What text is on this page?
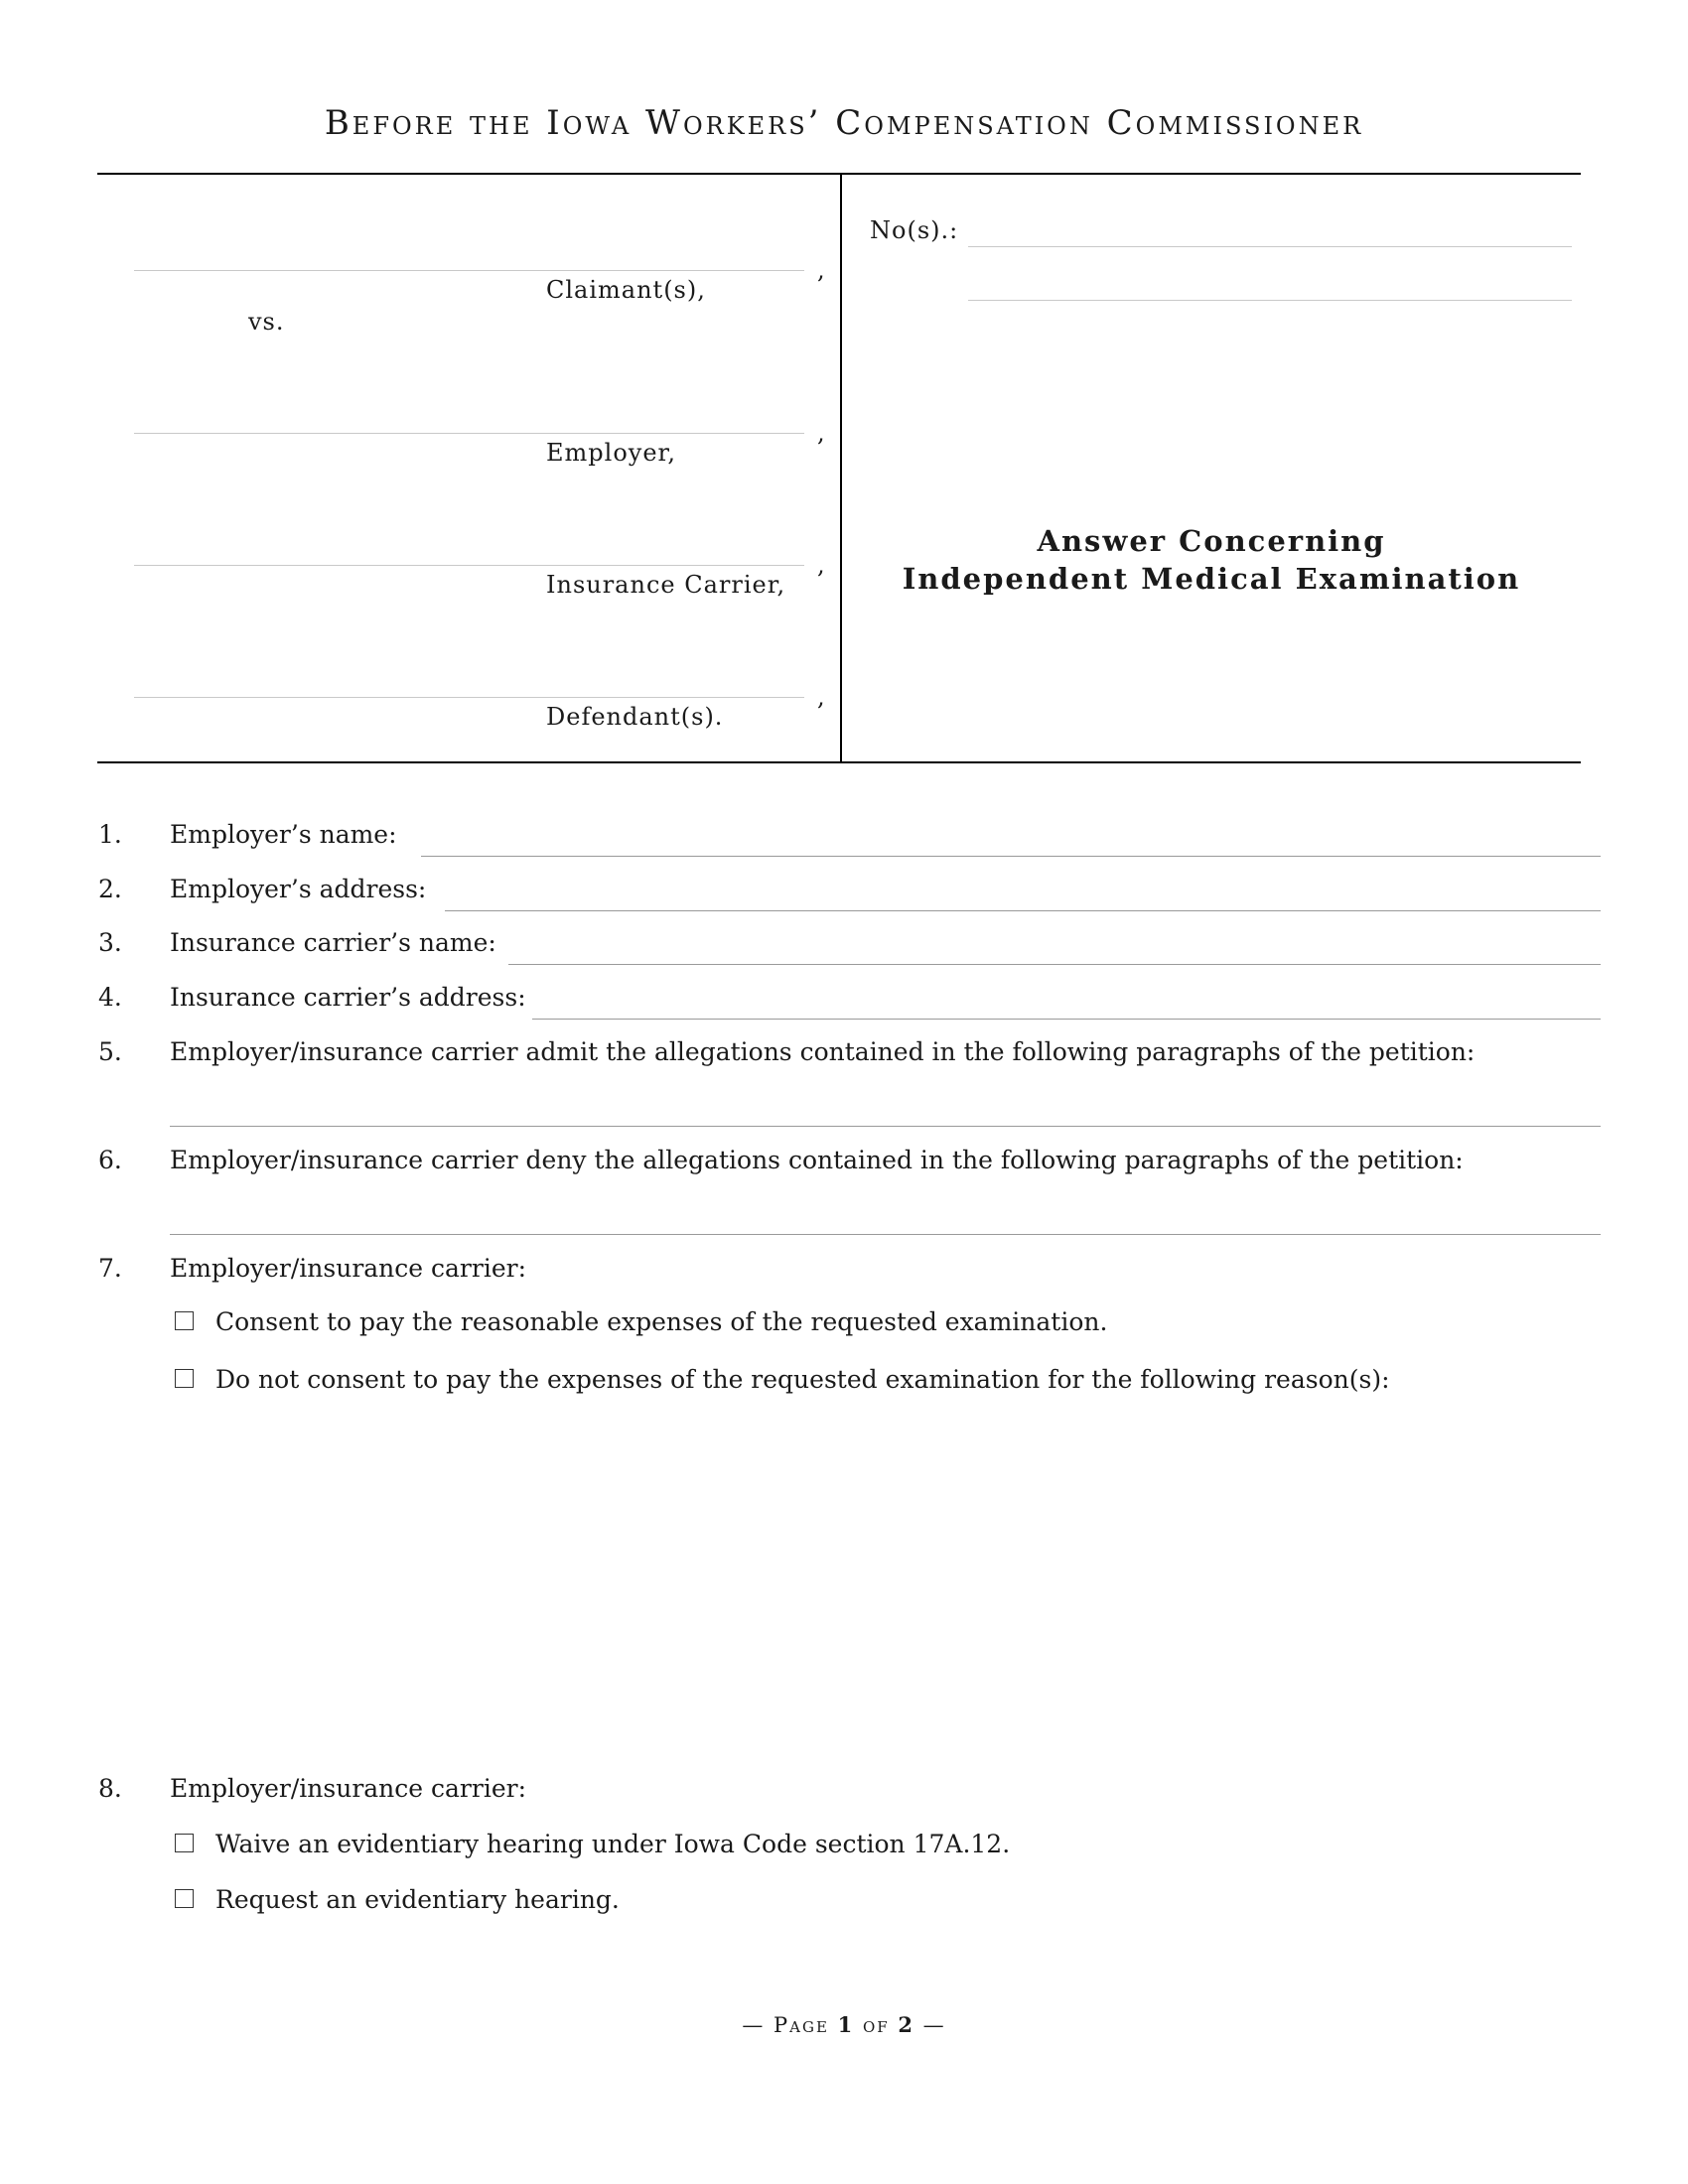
Before the Iowa Workers’ Compensation Commissioner
,
Claimant(s),
vs.
,
Employer,
,
Insurance Carrier,
,
Defendant(s).
No(s).:
Answer Concerning
Independent Medical Examination
1. Employer’s name:
2. Employer’s address:
3. Insurance carrier’s name:
4. Insurance carrier’s address:
5. Employer/insurance carrier admit the allegations contained in the following paragraphs of the petition:
6. Employer/insurance carrier deny the allegations contained in the following paragraphs of the petition:
7. Employer/insurance carrier:
Consent to pay the reasonable expenses of the requested examination.
Do not consent to pay the expenses of the requested examination for the following reason(s):
8. Employer/insurance carrier:
Waive an evidentiary hearing under Iowa Code section 17A.12.
Request an evidentiary hearing.
— Page 1 of 2 —
